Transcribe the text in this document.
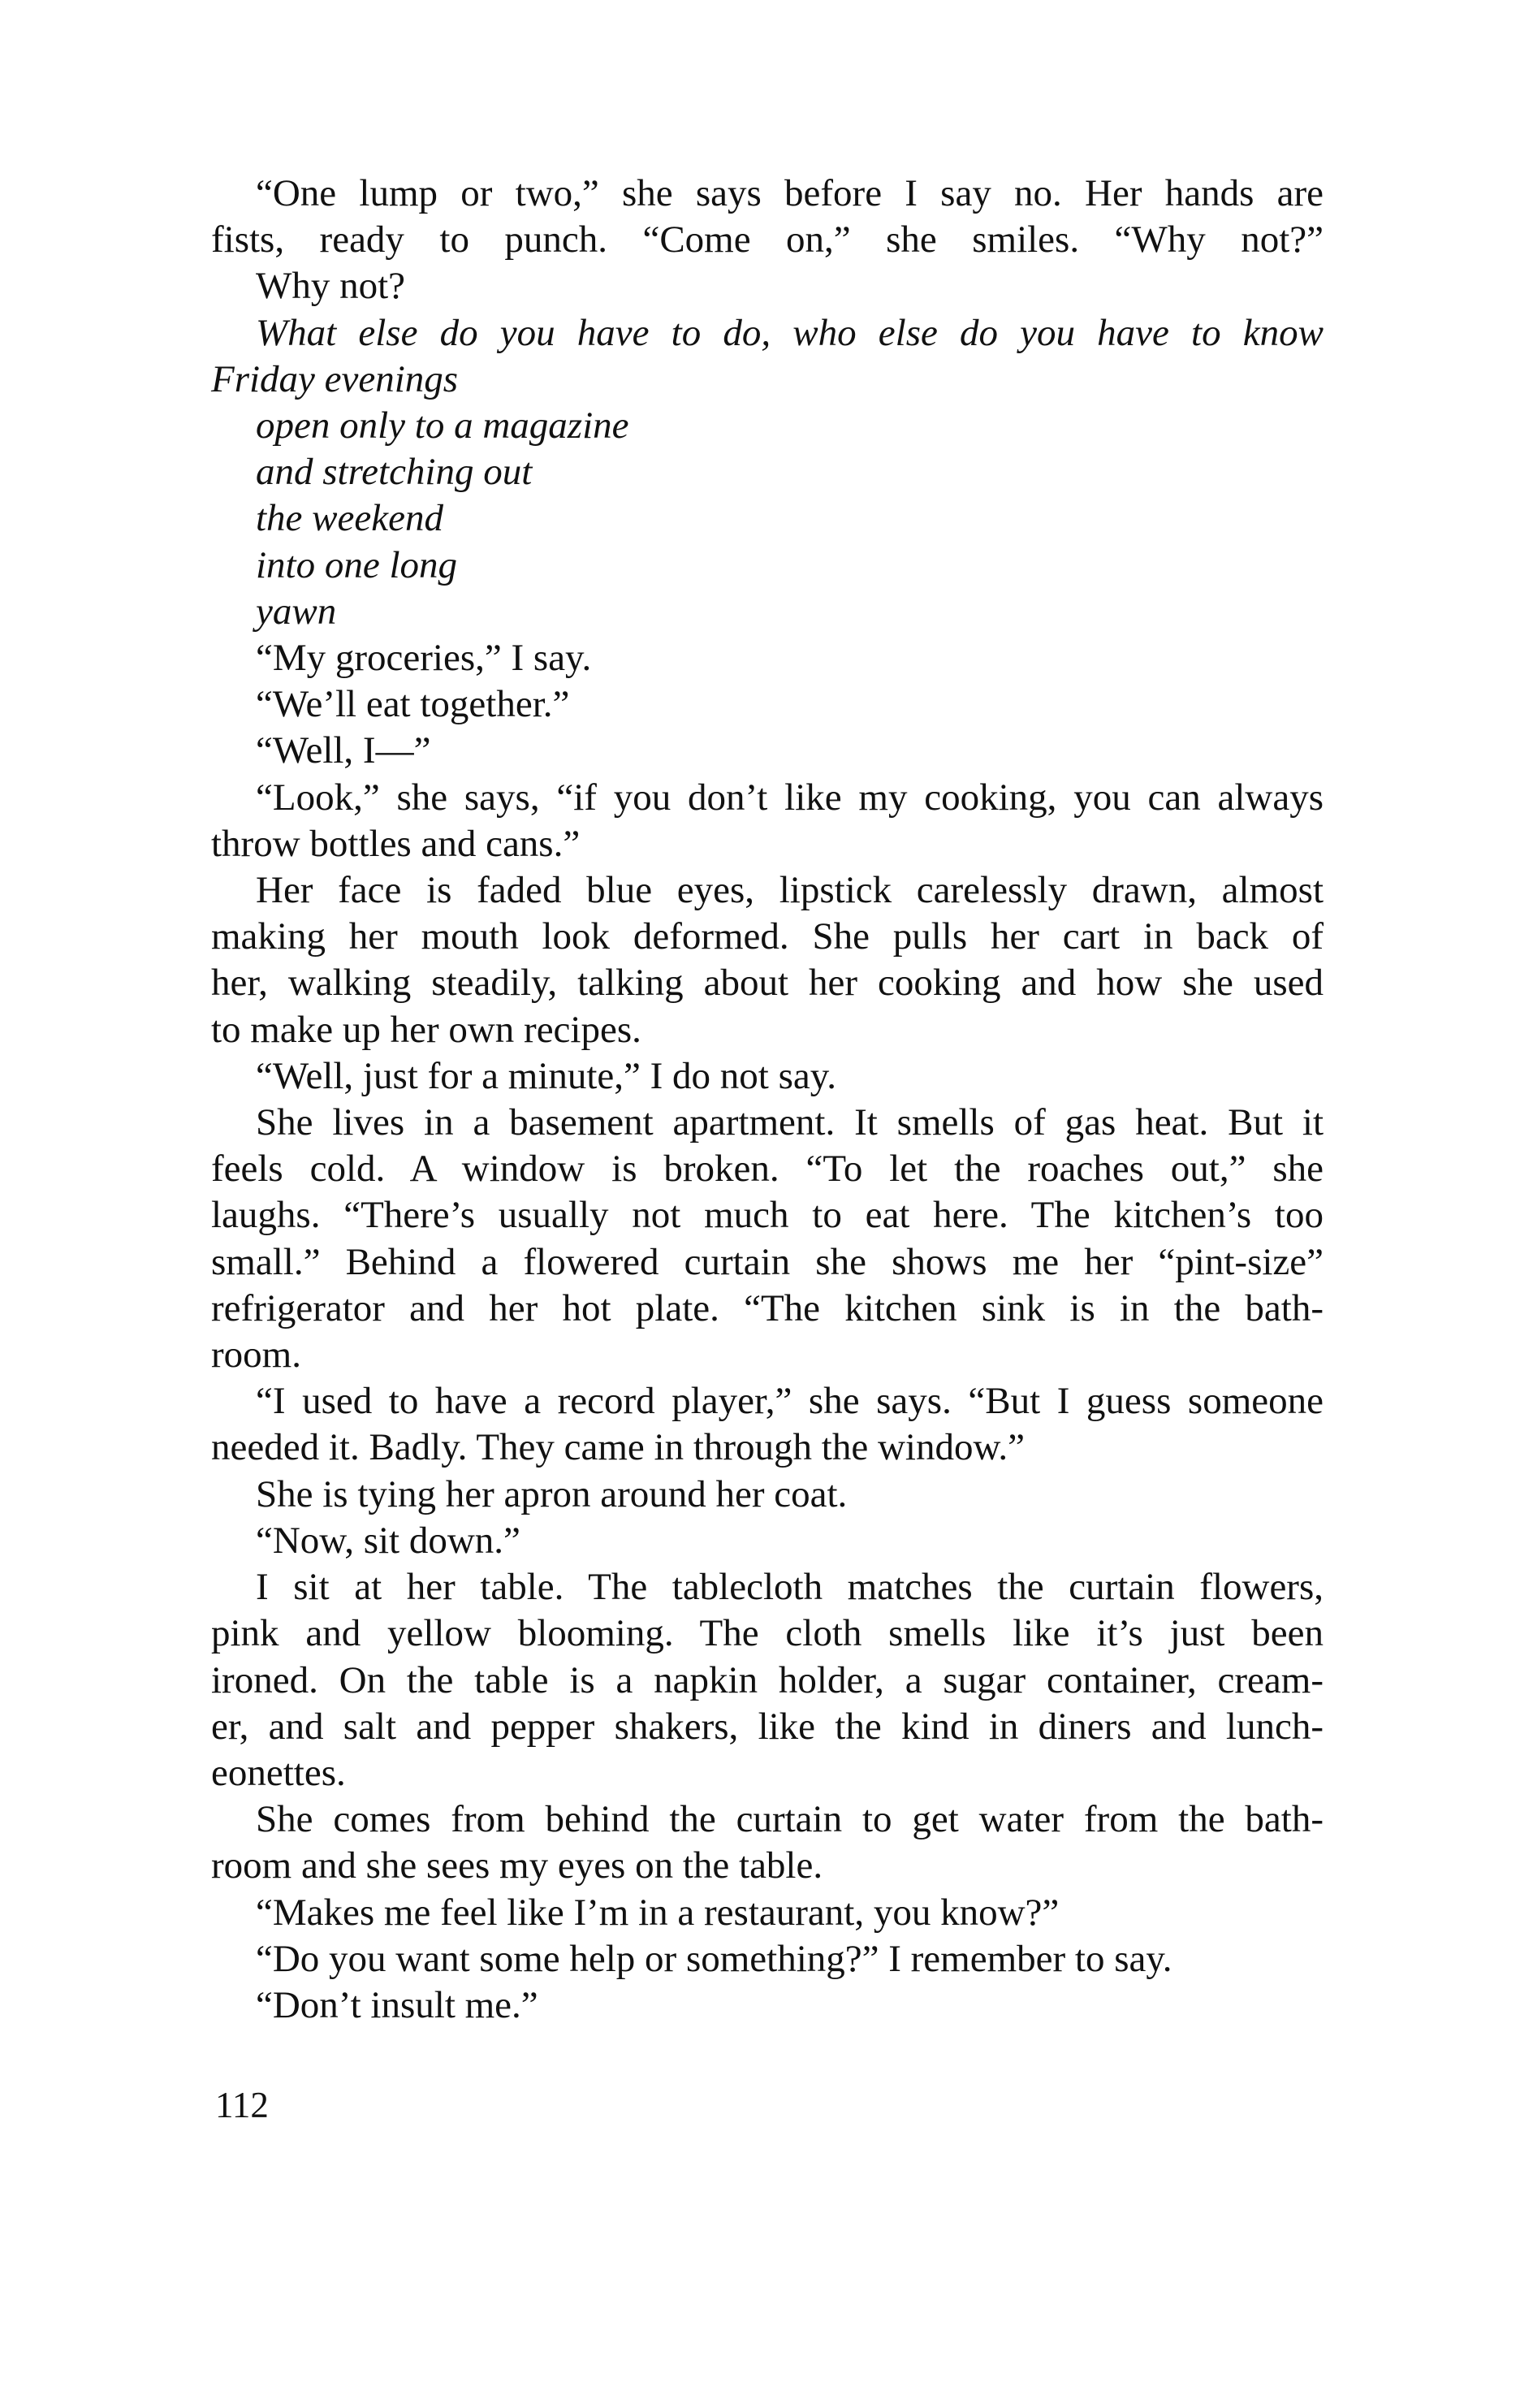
“One lump or two,” she says before I say no. Her hands are
fists, ready to punch. “Come on,” she smiles. “Why not?”
Why not?
What else do you have to do, who else do you have to know
Friday evenings
open only to a magazine
and stretching out
the weekend
into one long
yawn
“My groceries,” I say.
“We’ll eat together.”
“Well, I—”
“Look,” she says, “if you don’t like my cooking, you can always
throw bottles and cans.”
Her face is faded blue eyes, lipstick carelessly drawn, almost
making her mouth look deformed. She pulls her cart in back of
her, walking steadily, talking about her cooking and how she used
to make up her own recipes.
“Well, just for a minute,” I do not say.
She lives in a basement apartment. It smells of gas heat. But it
feels cold. A window is broken. “To let the roaches out,” she
laughs. “There’s usually not much to eat here. The kitchen’s too
small.” Behind a flowered curtain she shows me her “pint-size”
refrigerator and her hot plate. “The kitchen sink is in the bath-
room.
“I used to have a record player,” she says. “But I guess someone
needed it. Badly. They came in through the window.”
She is tying her apron around her coat.
“Now, sit down.”
I sit at her table. The tablecloth matches the curtain flowers,
pink and yellow blooming. The cloth smells like it’s just been
ironed. On the table is a napkin holder, a sugar container, cream-
er, and salt and pepper shakers, like the kind in diners and lunch-
eonettes.
She comes from behind the curtain to get water from the bath-
room and she sees my eyes on the table.
“Makes me feel like I’m in a restaurant, you know?”
“Do you want some help or something?” I remember to say.
“Don’t insult me.”
112
